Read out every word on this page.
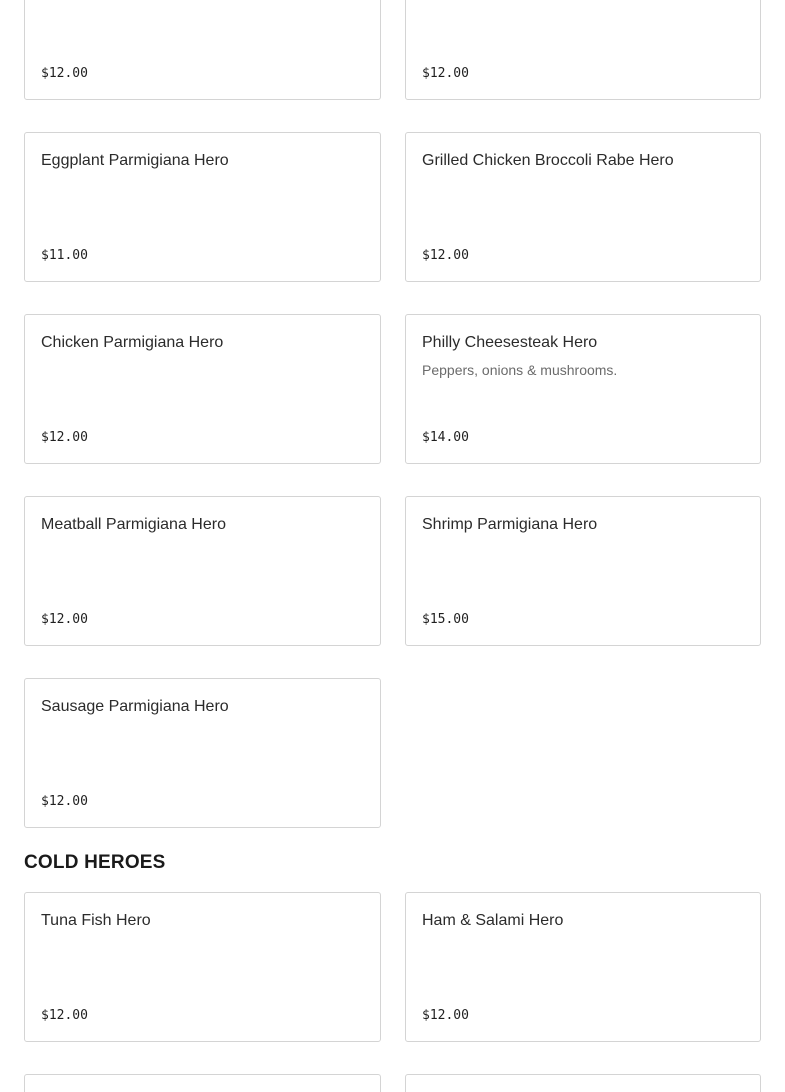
$12.00	$12.00
Eggplant Parmigiana Hero
$11.00
Grilled Chicken Broccoli Rabe Hero
$12.00
Chicken Parmigiana Hero
$12.00
Philly Cheesesteak Hero
Peppers, onions & mushrooms.
$14.00
Meatball Parmigiana Hero
$12.00
Shrimp Parmigiana Hero
$15.00
Sausage Parmigiana Hero
$12.00
COLD HEROES
Tuna Fish Hero
$12.00
Ham & Salami Hero
$12.00
